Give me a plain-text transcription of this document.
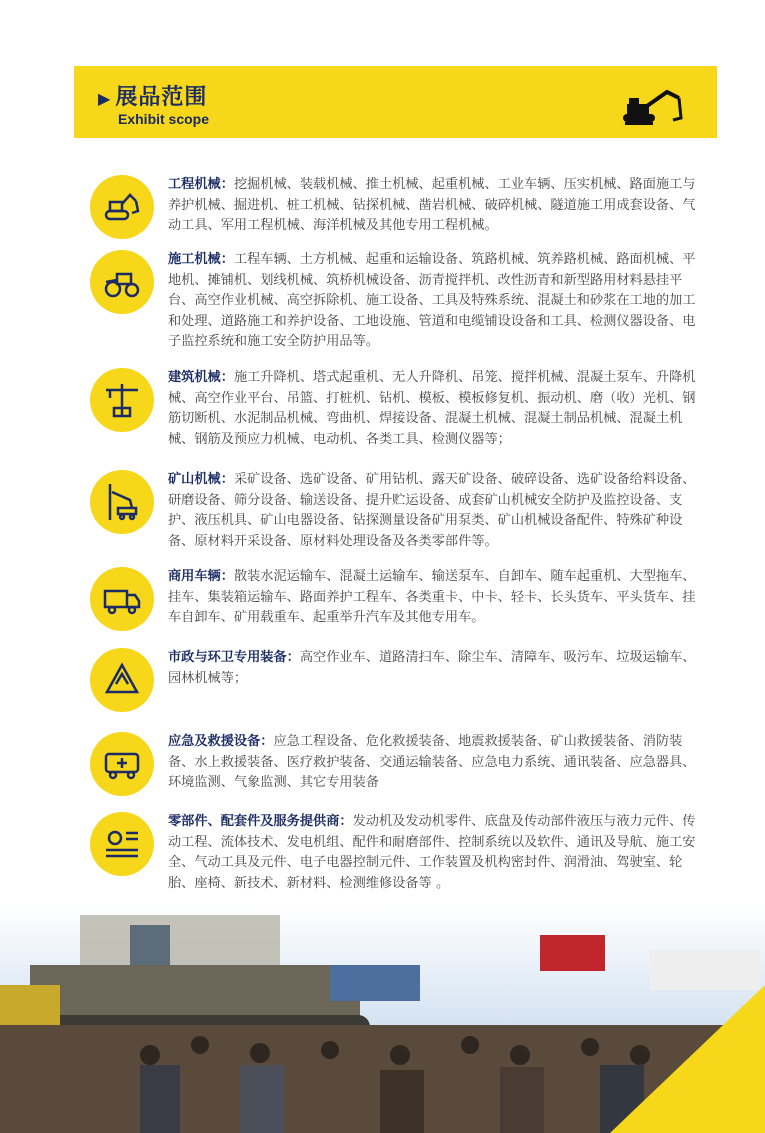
▶ 展品范围
Exhibit scope
工程机械：挖掘机械、装载机械、推土机械、起重机械、工业车辆、压实机械、路面施工与养护机械、掘进机、桩工机械、钻探机械、凿岩机械、破碎机械、隧道施工用成套设备、气动工具、军用工程机械、海洋机械及其他专用工程机械。
施工机械：工程车辆、土方机械、起重和运输设备、筑路机械、筑养路机械、路面机械、平地机、摊铺机、划线机械、筑桥机械设备、沥青搅拌机、改性沥青和新型路用材料悬挂平台、高空作业机械、高空拆除机、施工设备、工具及特殊系统、混凝土和砂浆在工地的加工和处理、道路施工和养护设备、工地设施、管道和电缆铺设设备和工具、检测仪器设备、电子监控系统和施工安全防护用品等。
建筑机械：施工升降机、塔式起重机、无人升降机、吊笼、搅拌机械、混凝土泵车、升降机械、高空作业平台、吊篮、打桩机、钻机、模板、模板修复机、振动机、磨（收）光机、钢筋切断机、水泥制品机械、弯曲机、焊接设备、混凝土机械、混凝土制品机械、混凝土机械、钢筋及预应力机械、电动机、各类工具、检测仪器等；
矿山机械：采矿设备、选矿设备、矿用钻机、露天矿设备、破碎设备、选矿设备给料设备、研磨设备、筛分设备、输送设备、提升贮运设备、成套矿山机械安全防护及监控设备、支护、液压机具、矿山电器设备、钻探测量设备矿用泵类、矿山机械设备配件、特殊矿种设备、原材料开采设备、原材料处理设备及各类零部件等。
商用车辆：散装水泥运输车、混凝土运输车、输送泵车、自卸车、随车起重机、大型拖车、挂车、集装箱运输车、路面养护工程车、各类重卡、中卡、轻卡、长头货车、平头货车、挂车自卸车、矿用载重车、起重举升汽车及其他专用车。
市政与环卫专用装备：高空作业车、道路清扫车、除尘车、清障车、吸污车、垃圾运输车、园林机械等；
应急及救援设备：应急工程设备、危化救援装备、地震救援装备、矿山救援装备、消防装备、水上救援装备、医疗救护装备、交通运输装备、应急电力系统、通讯装备、应急器具、环境监测、气象监测、其它专用装备
零部件、配套件及服务提供商：发动机及发动机零件、底盘及传动部件液压与液力元件、传动工程、流体技术、发电机组、配件和耐磨部件、控制系统以及软件、通讯及导航、施工安全、气动工具及元件、电子电器控制元件、工作装置及机构密封件、润滑油、驾驶室、轮胎、座椅、新技术、新材料、检测维修设备等 。
